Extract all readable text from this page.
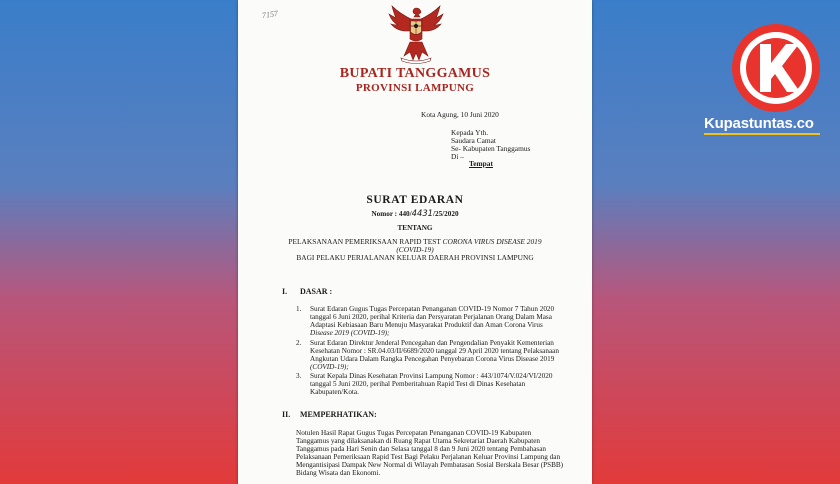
7157
BUPATI TANGGAMUS
PROVINSI LAMPUNG
Kota Agung, 10 Juni 2020
Kepada Yth.
Saudara Camat
Se- Kabupaten Tanggamus
Di –
Tempat
SURAT EDARAN
Nomor : 440/4431/25/2020
TENTANG
PELAKSANAAN PEMERIKSAAN RAPID TEST CORONA VIRUS DISEASE 2019
(COVID-19)
BAGI PELAKU PERJALANAN KELUAR DAERAH PROVINSI LAMPUNG
I. DASAR :
1. Surat Edaran Gugus Tugas Percepatan Penanganan COVID-19 Nomor 7 Tahun 2020
tanggal 6 Juni 2020, perihal Kriteria dan Persyaratan Perjalanan Orang Dalam Masa
Adaptasi Kebiasaan Baru Menuju Masyarakat Produktif dan Aman Corona Virus
Disease 2019 (COVID-19);
2. Surat Edaran Direktur Jenderal Pencegahan dan Pengendalian Penyakit Kementerian
Kesehatan Nomor : SR.04.03/II/6689/2020 tanggal 29 April 2020 tentang Pelaksanaan
Angkutan Udara Dalam Rangka Pencegahan Penyebaran Corona Virus Disease 2019
(COVID-19);
3. Surat Kepala Dinas Kesehatan Provinsi Lampung Nomor : 443/1074/V.024/VI/2020
tanggal 5 Juni 2020, perihal Pemberitahuan Rapid Test di Dinas Kesehatan
Kabupaten/Kota.
II. MEMPERHATIKAN:
Notulen Hasil Rapat Gugus Tugas Percepatan Penanganan COVID-19 Kabupaten
Tanggamus yang dilaksanakan di Ruang Rapat Utama Sekretariat Daerah Kabupaten
Tanggamus pada Hari Senin dan Selasa tanggal 8 dan 9 Juni 2020 tentang Pembahasan
Pelaksanaan Pemeriksaan Rapid Test Bagi Pelaku Perjalanan Keluar Provinsi Lampung dan
Mengantisipasi Dampak New Normal di Wilayah Pembatasan Sosial Berskala Besar (PSBB)
Bidang Wisata dan Ekonomi.
Kupastuntas.co
